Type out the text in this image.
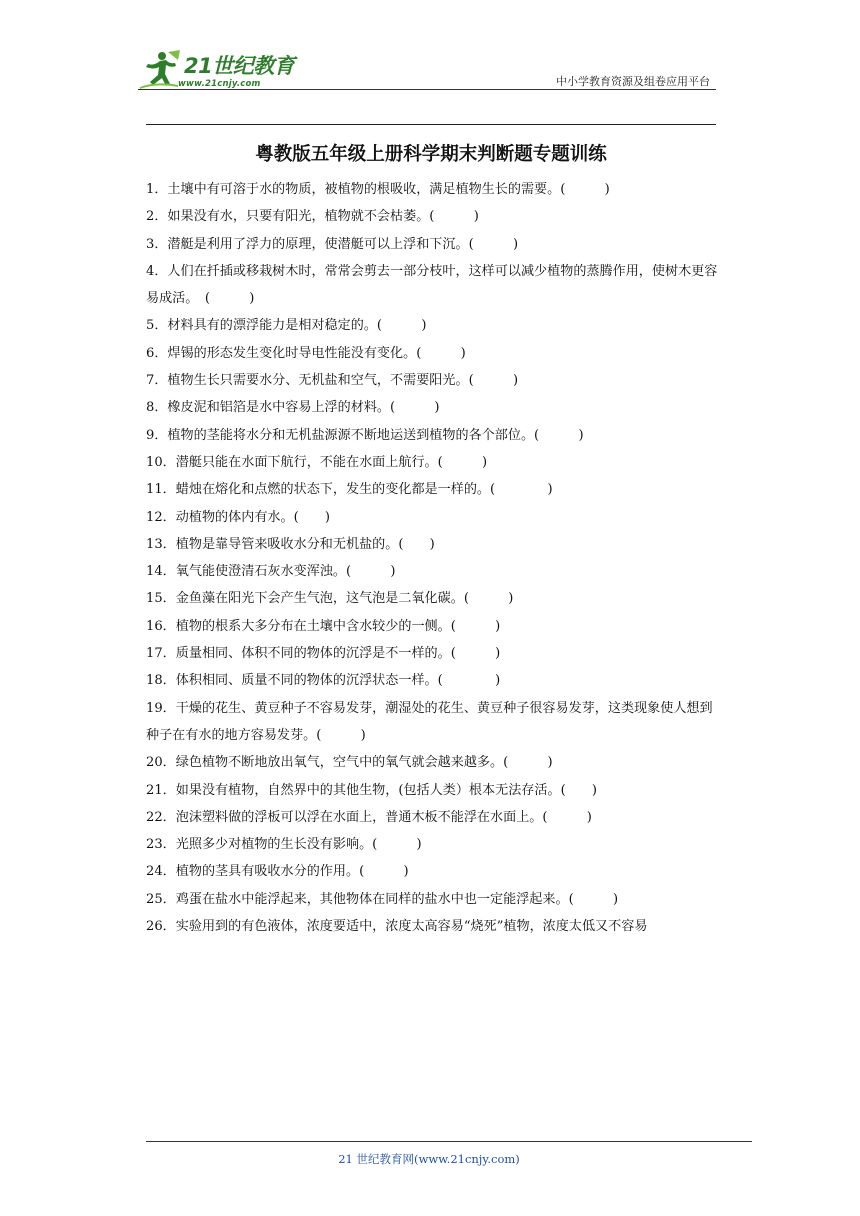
21世纪教育
www.21cnjy.com	中小学教育资源及组卷应用平台
粤教版五年级上册科学期末判断题专题训练
1．土壤中有可溶于水的物质，被植物的根吸收，满足植物生长的需要。(　　　)
2．如果没有水，只要有阳光，植物就不会枯萎。(　　　)
3．潜艇是利用了浮力的原理，使潜艇可以上浮和下沉。(　　　)
4．人们在扦插或移栽树木时，常常会剪去一部分枝叶，这样可以减少植物的蒸腾作用，使树木更容易成活。　(　　　)
5．材料具有的漂浮能力是相对稳定的。(　　　)
6．焊锡的形态发生变化时导电性能没有变化。(　　　)
7．植物生长只需要水分、无机盐和空气，不需要阳光。(　　　)
8．橡皮泥和铝箔是水中容易上浮的材料。(　　　)
9．植物的茎能将水分和无机盐源源不断地运送到植物的各个部位。(　　　)
10．潜艇只能在水面下航行，不能在水面上航行。(　　　)
11．蜡烛在熔化和点燃的状态下，发生的变化都是一样的。(　　　　)
12．动植物的体内有水。(　　)
13．植物是靠导管来吸收水分和无机盐的。(　　)
14．氧气能使澄清石灰水变浑浊。(　　　)
15．金鱼藻在阳光下会产生气泡，这气泡是二氧化碳。(　　　)
16．植物的根系大多分布在土壤中含水较少的一侧。(　　　)
17．质量相同、体积不同的物体的沉浮是不一样的。(　　　)
18．体积相同、质量不同的物体的沉浮状态一样。(　　　　)
19．干燥的花生、黄豆种子不容易发芽，潮湿处的花生、黄豆种子很容易发芽，这类现象使人想到种子在有水的地方容易发芽。(　　　)
20．绿色植物不断地放出氧气，空气中的氧气就会越来越多。(　　　)
21．如果没有植物，自然界中的其他生物，(包括人类）根本无法存活。(　　)
22．泡沫塑料做的浮板可以浮在水面上，普通木板不能浮在水面上。(　　　)
23．光照多少对植物的生长没有影响。(　　　)
24．植物的茎具有吸收水分的作用。(　　　)
25．鸡蛋在盐水中能浮起来，其他物体在同样的盐水中也一定能浮起来。(　　　)
26．实验用到的有色液体，浓度要适中，浓度太高容易“烧死”植物，浓度太低又不容易
21 世纪教育网(www.21cnjy.com)
